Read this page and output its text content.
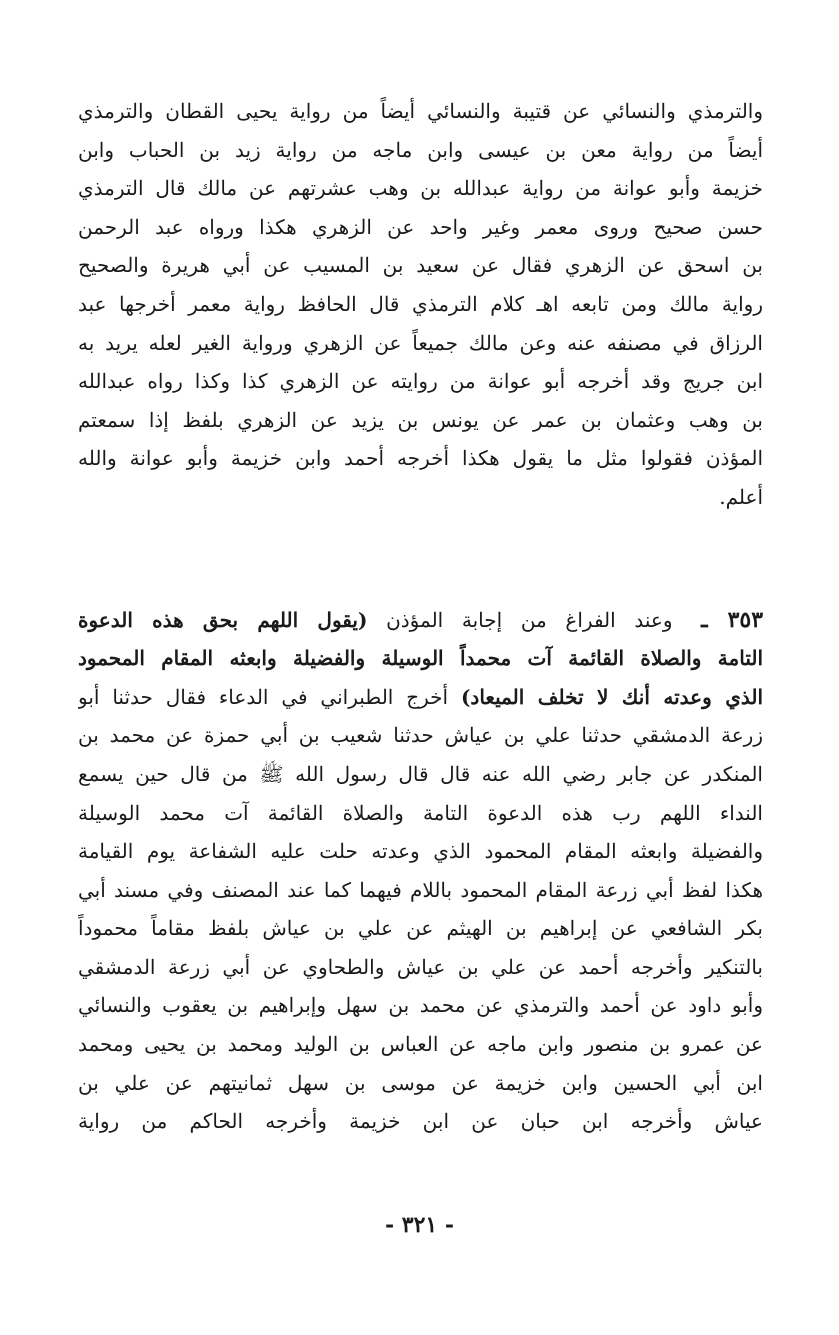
والترمذي والنسائي عن قتيبة والنسائي أيضاً من رواية يحيى القطان والترمذي
أيضاً من رواية معن بن عيسى وابن ماجه من رواية زيد بن الحباب وابن
خزيمة وأبو عوانة من رواية عبدالله بن وهب عشرتهم عن مالك قال الترمذي
حسن صحيح وروى معمر وغير واحد عن الزهري هكذا ورواه عبد الرحمن
بن اسحق عن الزهري فقال عن سعيد بن المسيب عن أبي هريرة والصحيح
رواية مالك ومن تابعه اهـ كلام الترمذي قال الحافظ رواية معمر أخرجها عبد
الرزاق في مصنفه عنه وعن مالك جميعاً عن الزهري ورواية الغير لعله يريد به
ابن جريج وقد أخرجه أبو عوانة من روايته عن الزهري كذا وكذا رواه عبدالله
بن وهب وعثمان بن عمر عن يونس بن يزيد عن الزهري بلفظ إذا سمعتم
المؤذن فقولوا مثل ما يقول هكذا أخرجه أحمد وابن خزيمة وأبو عوانة والله
أعلم.
٣٥٣ ـ وعند الفراغ من إجابة المؤذن (يقول اللهم بحق هذه الدعوة
التامة والصلاة القائمة آت محمداً الوسيلة والفضيلة وابعثه المقام المحمود
الذي وعدته أنك لا تخلف الميعاد) أخرج الطبراني في الدعاء فقال حدثنا أبو
زرعة الدمشقي حدثنا علي بن عياش حدثنا شعيب بن أبي حمزة عن محمد بن
المنكدر عن جابر رضي الله عنه قال قال رسول الله ﷺ من قال حين يسمع
النداء اللهم رب هذه الدعوة التامة والصلاة القائمة آت محمد الوسيلة
والفضيلة وابعثه المقام المحمود الذي وعدته حلت عليه الشفاعة يوم القيامة
هكذا لفظ أبي زرعة المقام المحمود باللام فيهما كما عند المصنف وفي مسند أبي
بكر الشافعي عن إبراهيم بن الهيثم عن علي بن عياش بلفظ مقاماً محموداً
بالتنكير وأخرجه أحمد عن علي بن عياش والطحاوي عن أبي زرعة الدمشقي
وأبو داود عن أحمد والترمذي عن محمد بن سهل وإبراهيم بن يعقوب والنسائي
عن عمرو بن منصور وابن ماجه عن العباس بن الوليد ومحمد بن يحيى ومحمد
ابن أبي الحسين وابن خزيمة عن موسى بن سهل ثمانيتهم عن علي بن
عياش وأخرجه ابن حبان عن ابن خزيمة وأخرجه الحاكم من رواية
- ٣٢١ -
